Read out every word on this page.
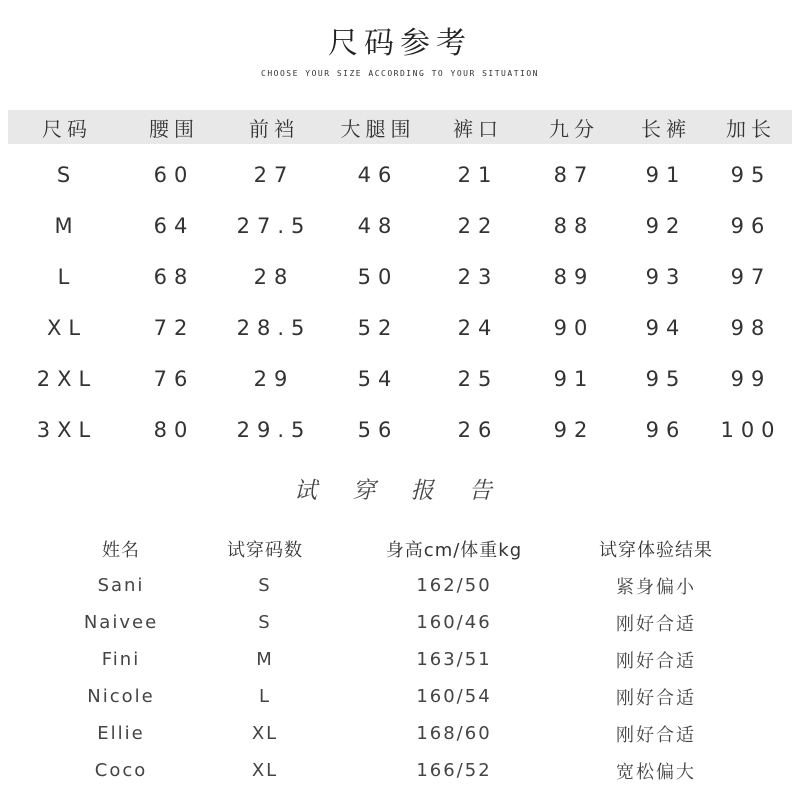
尺码参考
CHOOSE YOUR SIZE ACCORDING TO YOUR SITUATION
尺码	腰围	前裆	大腿围	裤口	九分	长裤	加长
S	60	27	46	21	87	91	95
M	64	27.5	48	22	88	92	96
L	68	28	50	23	89	93	97
XL	72	28.5	52	24	90	94	98
2XL	76	29	54	25	91	95	99
3XL	80	29.5	56	26	92	96	100
试 穿 报 告
姓名	试穿码数	身高cm/体重kg	试穿体验结果
Sani	S	162/50	紧身偏小
Naivee	S	160/46	刚好合适
Fini	M	163/51	刚好合适
Nicole	L	160/54	刚好合适
Ellie	XL	168/60	刚好合适
Coco	XL	166/52	宽松偏大
